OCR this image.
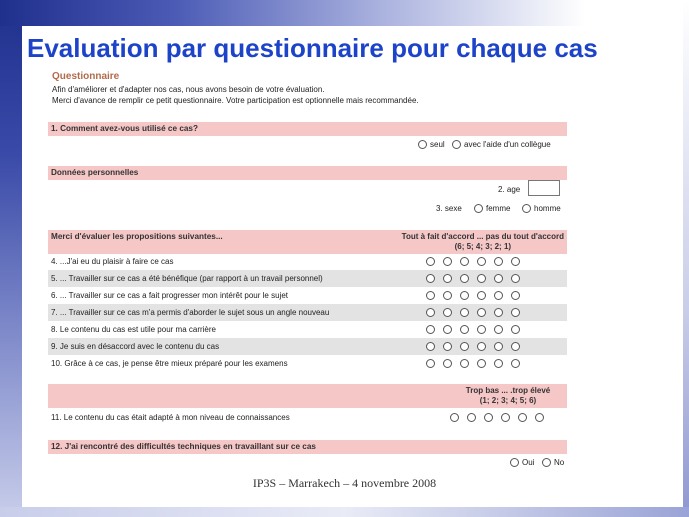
Evaluation par questionnaire pour chaque cas
Questionnaire
Afin d'améliorer et d'adapter nos cas, nous avons besoin de votre évaluation.
Merci d'avance de remplir ce petit questionnaire. Votre participation est optionnelle mais recommandée.
1. Comment avez-vous utilisé ce cas?
seul avec l'aide d'un collègue
Données personnelles
2. age
3. sexe	femme	homme
Merci d'évaluer les propositions suivantes...	Tout à fait d'accord ... pas du tout d'accord
(6; 5; 4; 3; 2; 1)
4. ...J'ai eu du plaisir à faire ce cas
5. ... Travailler sur ce cas a été bénéfique (par rapport à un travail personnel)
6. ... Travailler sur ce cas a fait progresser mon intérêt pour le sujet
7. ... Travailler sur ce cas m'a permis d'aborder le sujet sous un angle nouveau
8. Le contenu du cas est utile pour ma carrière
9. Je suis en désaccord avec le contenu du cas
10. Grâce à ce cas, je pense être mieux préparé pour les examens
Trop bas ... .trop élevé
(1; 2; 3; 4; 5; 6)
11. Le contenu du cas était adapté à mon niveau de connaissances
12. J'ai rencontré des difficultés techniques en travaillant sur ce cas
Oui No
IP3S – Marrakech – 4 novembre 2008
